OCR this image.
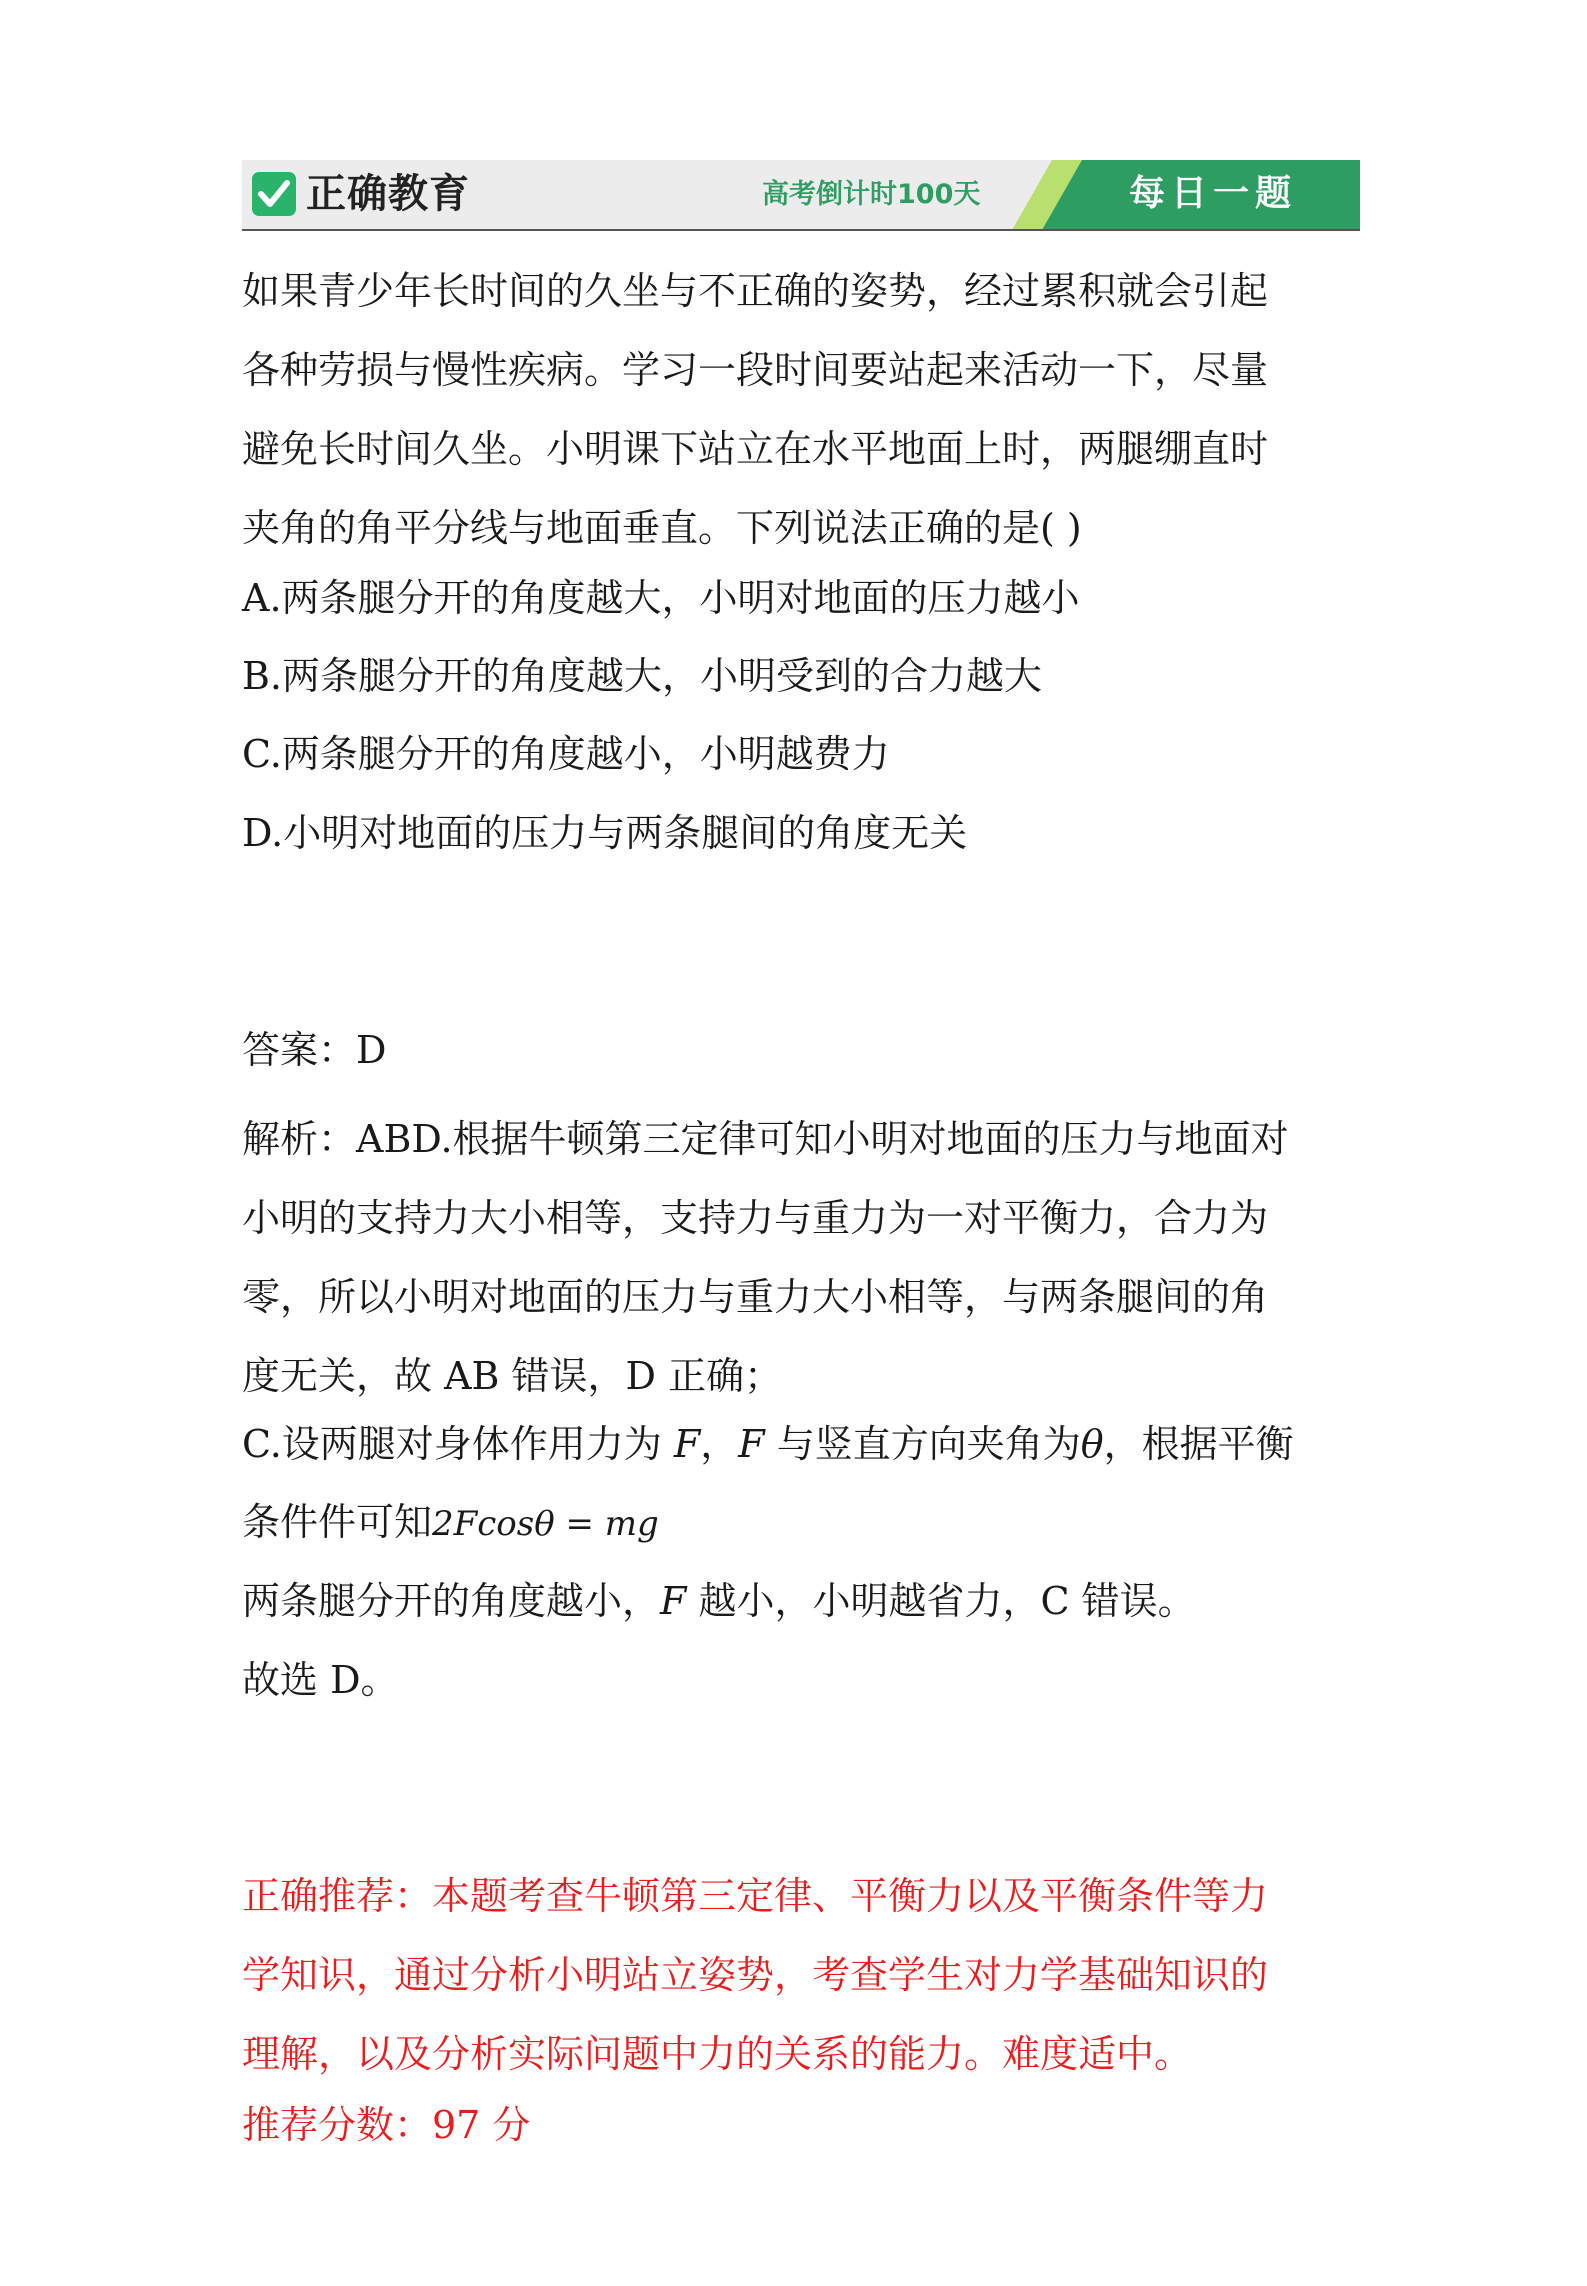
正确教育	高考倒计时100天	每日一题
如果青少年长时间的久坐与不正确的姿势，经过累积就会引起
各种劳损与慢性疾病。学习一段时间要站起来活动一下，尽量
避免长时间久坐。小明课下站立在水平地面上时，两腿绷直时
夹角的角平分线与地面垂直。下列说法正确的是( )
A.两条腿分开的角度越大，小明对地面的压力越小
B.两条腿分开的角度越大，小明受到的合力越大
C.两条腿分开的角度越小，小明越费力
D.小明对地面的压力与两条腿间的角度无关
答案：D
解析：ABD.根据牛顿第三定律可知小明对地面的压力与地面对
小明的支持力大小相等，支持力与重力为一对平衡力，合力为
零，所以小明对地面的压力与重力大小相等，与两条腿间的角
度无关，故 AB 错误，D 正确；
C.设两腿对身体作用力为 F，F 与竖直方向夹角为θ，根据平衡
条件件可知2Fcosθ = mg
两条腿分开的角度越小，F 越小，小明越省力，C 错误。
故选 D。
正确推荐：本题考查牛顿第三定律、平衡力以及平衡条件等力
学知识，通过分析小明站立姿势，考查学生对力学基础知识的
理解，以及分析实际问题中力的关系的能力。难度适中。
推荐分数：97 分
